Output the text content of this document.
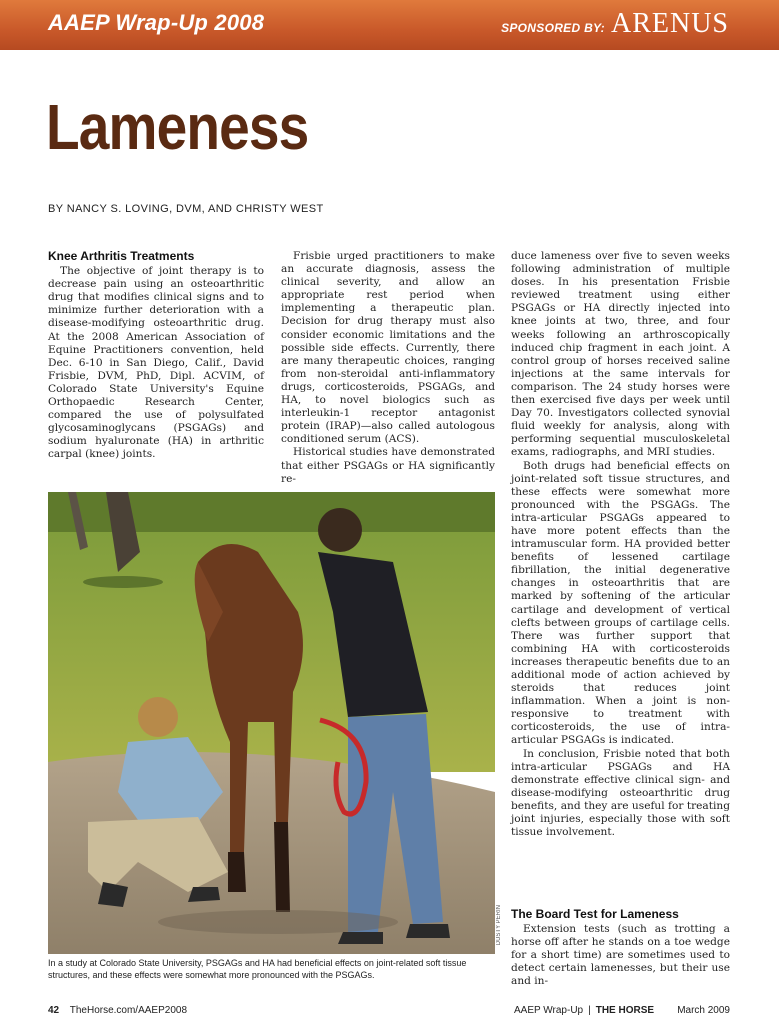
AAEP Wrap-Up 2008	SPONSORED BY: ARENUS
Lameness
BY NANCY S. LOVING, DVM, AND CHRISTY WEST
Knee Arthritis Treatments

The objective of joint therapy is to decrease pain using an osteoarthritic drug that modifies clinical signs and to minimize further deterioration with a disease-modifying osteoarthritic drug. At the 2008 American Association of Equine Practitioners convention, held Dec. 6-10 in San Diego, Calif., David Frisbie, DVM, PhD, Dipl. ACVIM, of Colorado State University's Equine Orthopaedic Research Center, compared the use of polysulfated glycosaminoglycans (PSGAGs) and sodium hyaluronate (HA) in arthritic carpal (knee) joints.

Frisbie urged practitioners to make an accurate diagnosis, assess the clinical severity, and allow an appropriate rest period when implementing a therapeutic plan. Decision for drug therapy must also consider economic limitations and the possible side effects. Currently, there are many therapeutic choices, ranging from non-steroidal anti-inflammatory drugs, corticosteroids, PSGAGs, and HA, to novel biologics such as interleukin-1 receptor antagonist protein (IRAP)—also called autologous conditioned serum (ACS).

Historical studies have demonstrated that either PSGAGs or HA significantly re-

duce lameness over five to seven weeks following administration of multiple doses. In his presentation Frisbie reviewed treatment using either PSGAGs or HA directly injected into knee joints at two, three, and four weeks following an arthroscopically induced chip fragment in each joint. A control group of horses received saline injections at the same intervals for comparison. The 24 study horses were then exercised five days per week until Day 70. Investigators collected synovial fluid weekly for analysis, along with performing sequential musculoskeletal exams, radiographs, and MRI studies.

Both drugs had beneficial effects on joint-related soft tissue structures, and these effects were somewhat more pronounced with the PSGAGs. The intra-articular PSGAGs appeared to have more potent effects than the intramuscular form. HA provided better benefits of lessened cartilage fibrillation, the initial degenerative changes in osteoarthritis that are marked by softening of the articular cartilage and development of vertical clefts between groups of cartilage cells. There was further support that combining HA with corticosteroids increases therapeutic benefits due to an additional mode of action achieved by steroids that reduces joint inflammation. When a joint is non-responsive to treatment with corticosteroids, the use of intra-articular PSGAGs is indicated.

In conclusion, Frisbie noted that both intra-articular PSGAGs and HA demonstrate effective clinical sign- and disease-modifying osteoarthritic drug benefits, and they are useful for treating joint injuries, especially those with soft tissue involvement.

The Board Test for Lameness

Extension tests (such as trotting a horse off after he stands on a toe wedge for a short time) are sometimes used to detect certain lamenesses, but their use and in-

DUSTY PERIN
In a study at Colorado State University, PSGAGs and HA had beneficial effects on joint-related soft tissue structures, and these effects were somewhat more pronounced with the PSGAGs.
42 TheHorse.com/AAEP2008	AAEP Wrap-Up | THE HORSE March 2009
